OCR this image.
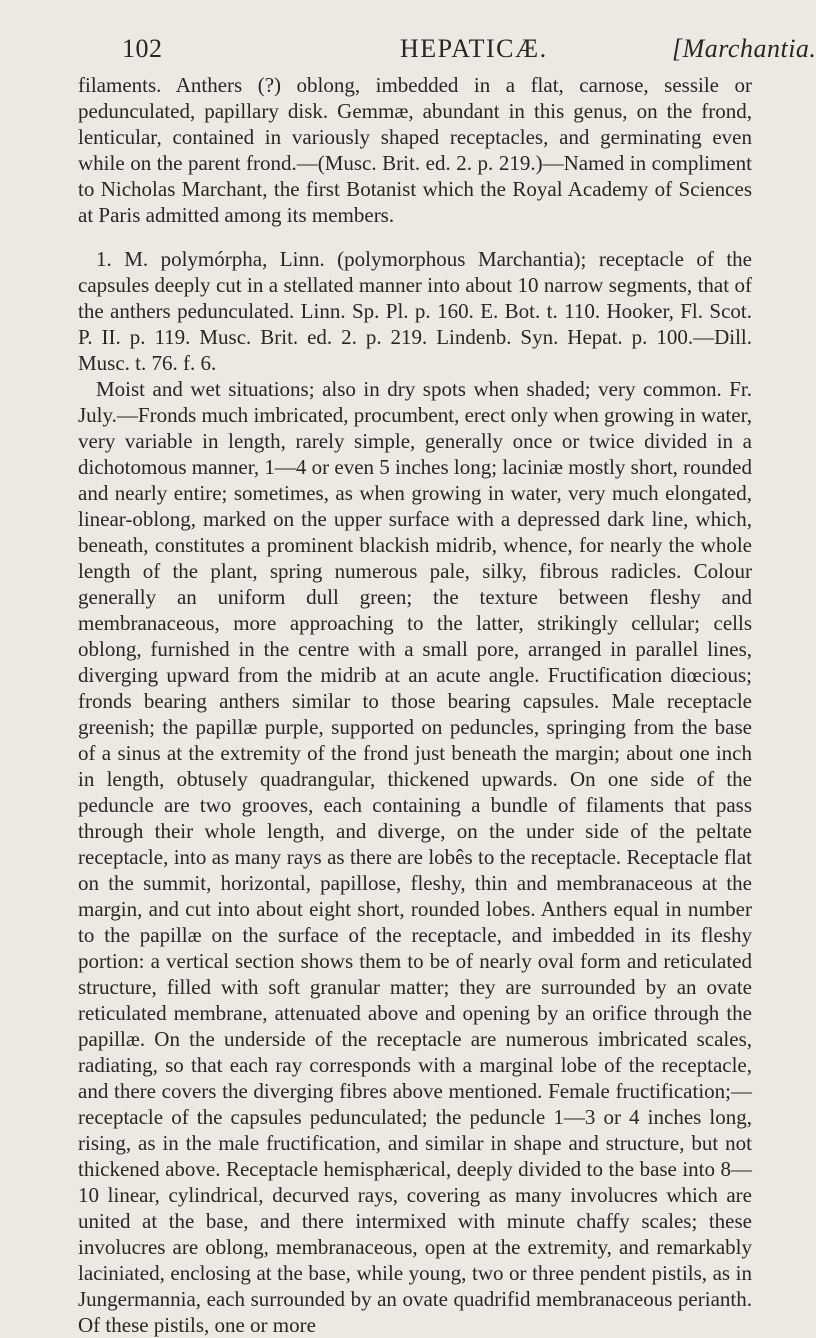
102	HEPATICÆ.	[Marchantia.

filaments. Anthers (?) oblong, imbedded in a flat, carnose, sessile or pedunculated, papillary disk. Gemmæ, abundant in this genus, on the frond, lenticular, contained in variously shaped receptacles, and germinating even while on the parent frond.—(Musc. Brit. ed. 2. p. 219.)—Named in compliment to Nicholas Marchant, the first Botanist which the Royal Academy of Sciences at Paris admitted among its members.

1. M. polymórpha, Linn. (polymorphous Marchantia); receptacle of the capsules deeply cut in a stellated manner into about 10 narrow segments, that of the anthers pedunculated. Linn. Sp. Pl. p. 160. E. Bot. t. 110. Hooker, Fl. Scot. P. II. p. 119. Musc. Brit. ed. 2. p. 219. Lindenb. Syn. Hepat. p. 100.—Dill. Musc. t. 76. f. 6.

Moist and wet situations; also in dry spots when shaded; very common. Fr. July.—Fronds much imbricated, procumbent, erect only when growing in water, very variable in length, rarely simple, generally once or twice divided in a dichotomous manner, 1—4 or even 5 inches long; laciniæ mostly short, rounded and nearly entire; sometimes, as when growing in water, very much elongated, linear-oblong, marked on the upper surface with a depressed dark line, which, beneath, constitutes a prominent blackish midrib, whence, for nearly the whole length of the plant, spring numerous pale, silky, fibrous radicles. Colour generally an uniform dull green; the texture between fleshy and membranaceous, more approaching to the latter, strikingly cellular; cells oblong, furnished in the centre with a small pore, arranged in parallel lines, diverging upward from the midrib at an acute angle. Fructification diœcious; fronds bearing anthers similar to those bearing capsules. Male receptacle greenish; the papillæ purple, supported on peduncles, springing from the base of a sinus at the extremity of the frond just beneath the margin; about one inch in length, obtusely quadrangular, thickened upwards. On one side of the peduncle are two grooves, each containing a bundle of filaments that pass through their whole length, and diverge, on the under side of the peltate receptacle, into as many rays as there are lobês to the receptacle. Receptacle flat on the summit, horizontal, papillose, fleshy, thin and membranaceous at the margin, and cut into about eight short, rounded lobes. Anthers equal in number to the papillæ on the surface of the receptacle, and imbedded in its fleshy portion: a vertical section shows them to be of nearly oval form and reticulated structure, filled with soft granular matter; they are surrounded by an ovate reticulated membrane, attenuated above and opening by an orifice through the papillæ. On the underside of the receptacle are numerous imbricated scales, radiating, so that each ray corresponds with a marginal lobe of the receptacle, and there covers the diverging fibres above mentioned. Female fructification;—receptacle of the capsules pedunculated; the peduncle 1—3 or 4 inches long, rising, as in the male fructification, and similar in shape and structure, but not thickened above. Receptacle hemisphærical, deeply divided to the base into 8—10 linear, cylindrical, decurved rays, covering as many involucres which are united at the base, and there intermixed with minute chaffy scales; these involucres are oblong, membranaceous, open at the extremity, and remarkably laciniated, enclosing at the base, while young, two or three pendent pistils, as in Jungermannia, each surrounded by an ovate quadrifid membranaceous perianth. Of these pistils, one or more
